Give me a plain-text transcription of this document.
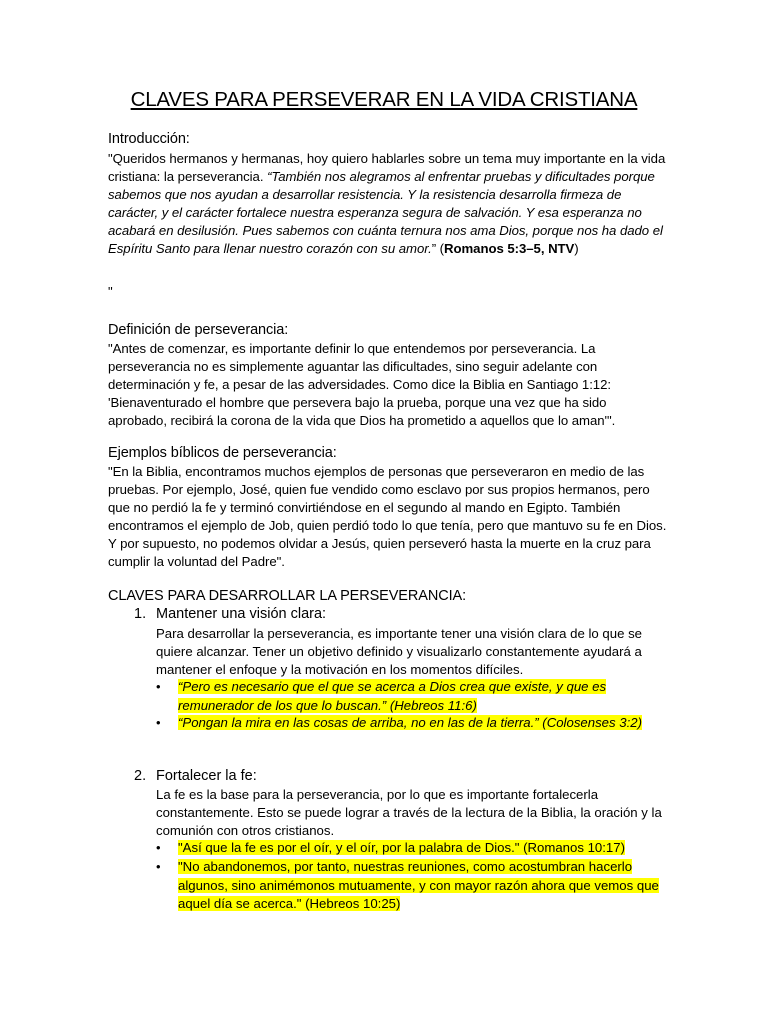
CLAVES PARA PERSEVERAR EN LA VIDA CRISTIANA
Introducción:
"Queridos hermanos y hermanas, hoy quiero hablarles sobre un tema muy importante en la vida cristiana: la perseverancia. “También nos alegramos al enfrentar pruebas y dificultades porque sabemos que nos ayudan a desarrollar resistencia. Y la resistencia desarrolla firmeza de carácter, y el carácter fortalece nuestra esperanza segura de salvación. Y esa esperanza no acabará en desilusión. Pues sabemos con cuánta ternura nos ama Dios, porque nos ha dado el Espíritu Santo para llenar nuestro corazón con su amor.” (Romanos 5:3–5, NTV)
"
Definición de perseverancia:
"Antes de comenzar, es importante definir lo que entendemos por perseverancia. La perseverancia no es simplemente aguantar las dificultades, sino seguir adelante con determinación y fe, a pesar de las adversidades. Como dice la Biblia en Santiago 1:12: 'Bienaventurado el hombre que persevera bajo la prueba, porque una vez que ha sido aprobado, recibirá la corona de la vida que Dios ha prometido a aquellos que lo aman'".
Ejemplos bíblicos de perseverancia:
"En la Biblia, encontramos muchos ejemplos de personas que perseveraron en medio de las pruebas. Por ejemplo, José, quien fue vendido como esclavo por sus propios hermanos, pero que no perdió la fe y terminó convirtiéndose en el segundo al mando en Egipto. También encontramos el ejemplo de Job, quien perdió todo lo que tenía, pero que mantuvo su fe en Dios. Y por supuesto, no podemos olvidar a Jesús, quien perseveró hasta la muerte en la cruz para cumplir la voluntad del Padre".
CLAVES PARA DESARROLLAR LA PERSEVERANCIA:
1. Mantener una visión clara:
Para desarrollar la perseverancia, es importante tener una visión clara de lo que se quiere alcanzar. Tener un objetivo definido y visualizarlo constantemente ayudará a mantener el enfoque y la motivación en los momentos difíciles.
•	“Pero es necesario que el que se acerca a Dios crea que existe, y que es remunerador de los que lo buscan.” (Hebreos 11:6)
•	“Pongan la mira en las cosas de arriba, no en las de la tierra.” (Colosenses 3:2)
2. Fortalecer la fe:
La fe es la base para la perseverancia, por lo que es importante fortalecerla constantemente. Esto se puede lograr a través de la lectura de la Biblia, la oración y la comunión con otros cristianos.
•	"Así que la fe es por el oír, y el oír, por la palabra de Dios." (Romanos 10:17)
•	"No abandonemos, por tanto, nuestras reuniones, como acostumbran hacerlo algunos, sino animémonos mutuamente, y con mayor razón ahora que vemos que aquel día se acerca." (Hebreos 10:25)
